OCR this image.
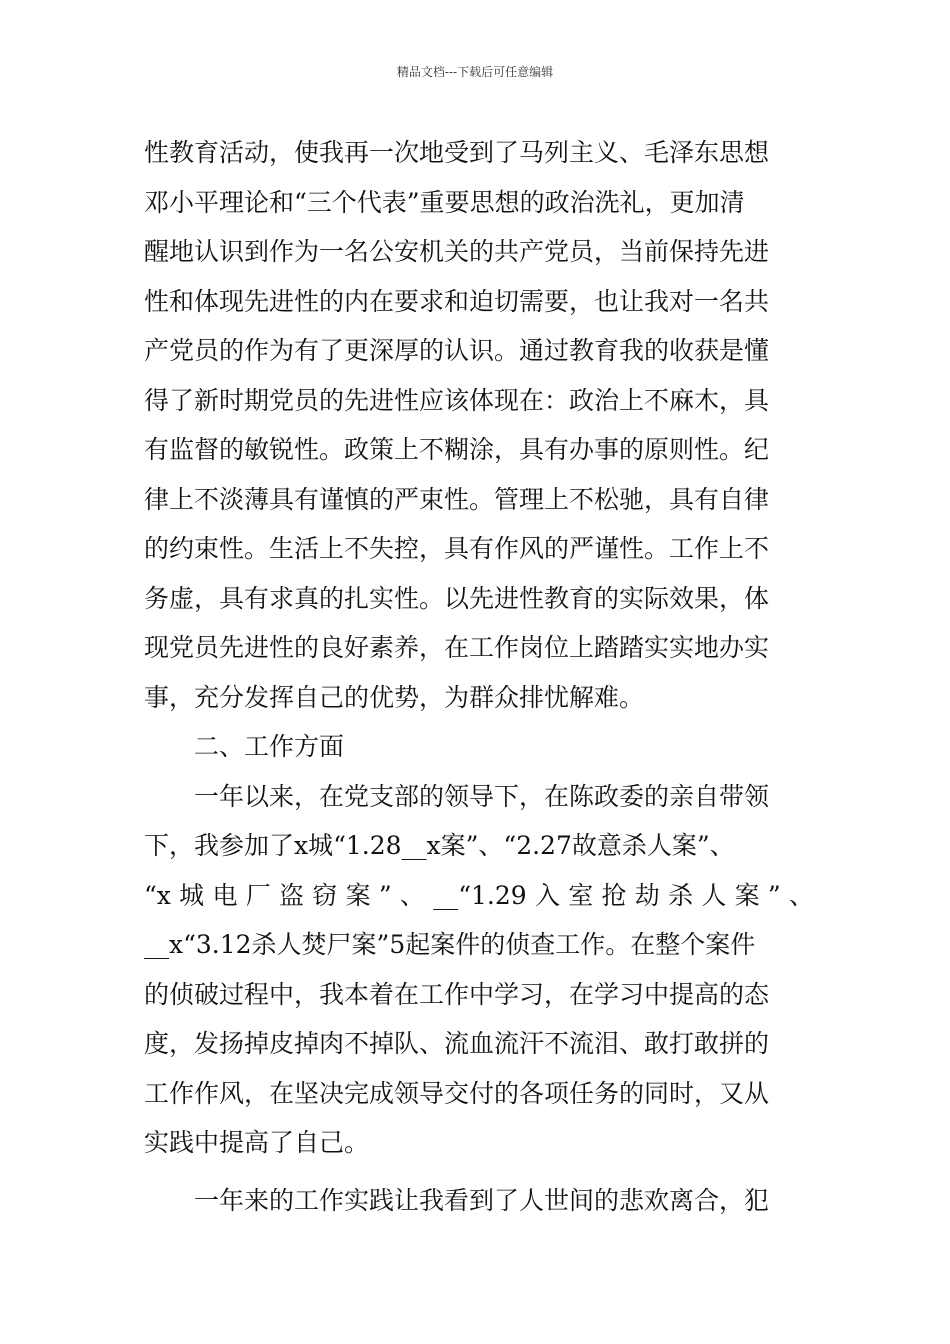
精品文档---下载后可任意编辑
性教育活动，使我再一次地受到了马列主义、毛泽东思想
邓小平理论和“三个代表”重要思想的政治洗礼，更加清
醒地认识到作为一名公安机关的共产党员，当前保持先进
性和体现先进性的内在要求和迫切需要，也让我对一名共
产党员的作为有了更深厚的认识。通过教育我的收获是懂
得了新时期党员的先进性应该体现在：政治上不麻木，具
有监督的敏锐性。政策上不糊涂，具有办事的原则性。纪
律上不淡薄具有谨慎的严束性。管理上不松驰，具有自律
的约束性。生活上不失控，具有作风的严谨性。工作上不
务虚，具有求真的扎实性。以先进性教育的实际效果，体
现党员先进性的良好素养，在工作岗位上踏踏实实地办实
事，充分发挥自己的优势，为群众排忧解难。
二、工作方面
一年以来，在党支部的领导下，在陈政委的亲自带领
下，我参加了x城“1.28__x案”、“2.27故意杀人案”、
“x城电厂盗窃案”、__“1.29入室抢劫杀人案”、
__x“3.12杀人焚尸案”5起案件的侦查工作。在整个案件
的侦破过程中，我本着在工作中学习，在学习中提高的态
度，发扬掉皮掉肉不掉队、流血流汗不流泪、敢打敢拼的
工作作风，在坚决完成领导交付的各项任务的同时，又从
实践中提高了自己。
一年来的工作实践让我看到了人世间的悲欢离合，犯
